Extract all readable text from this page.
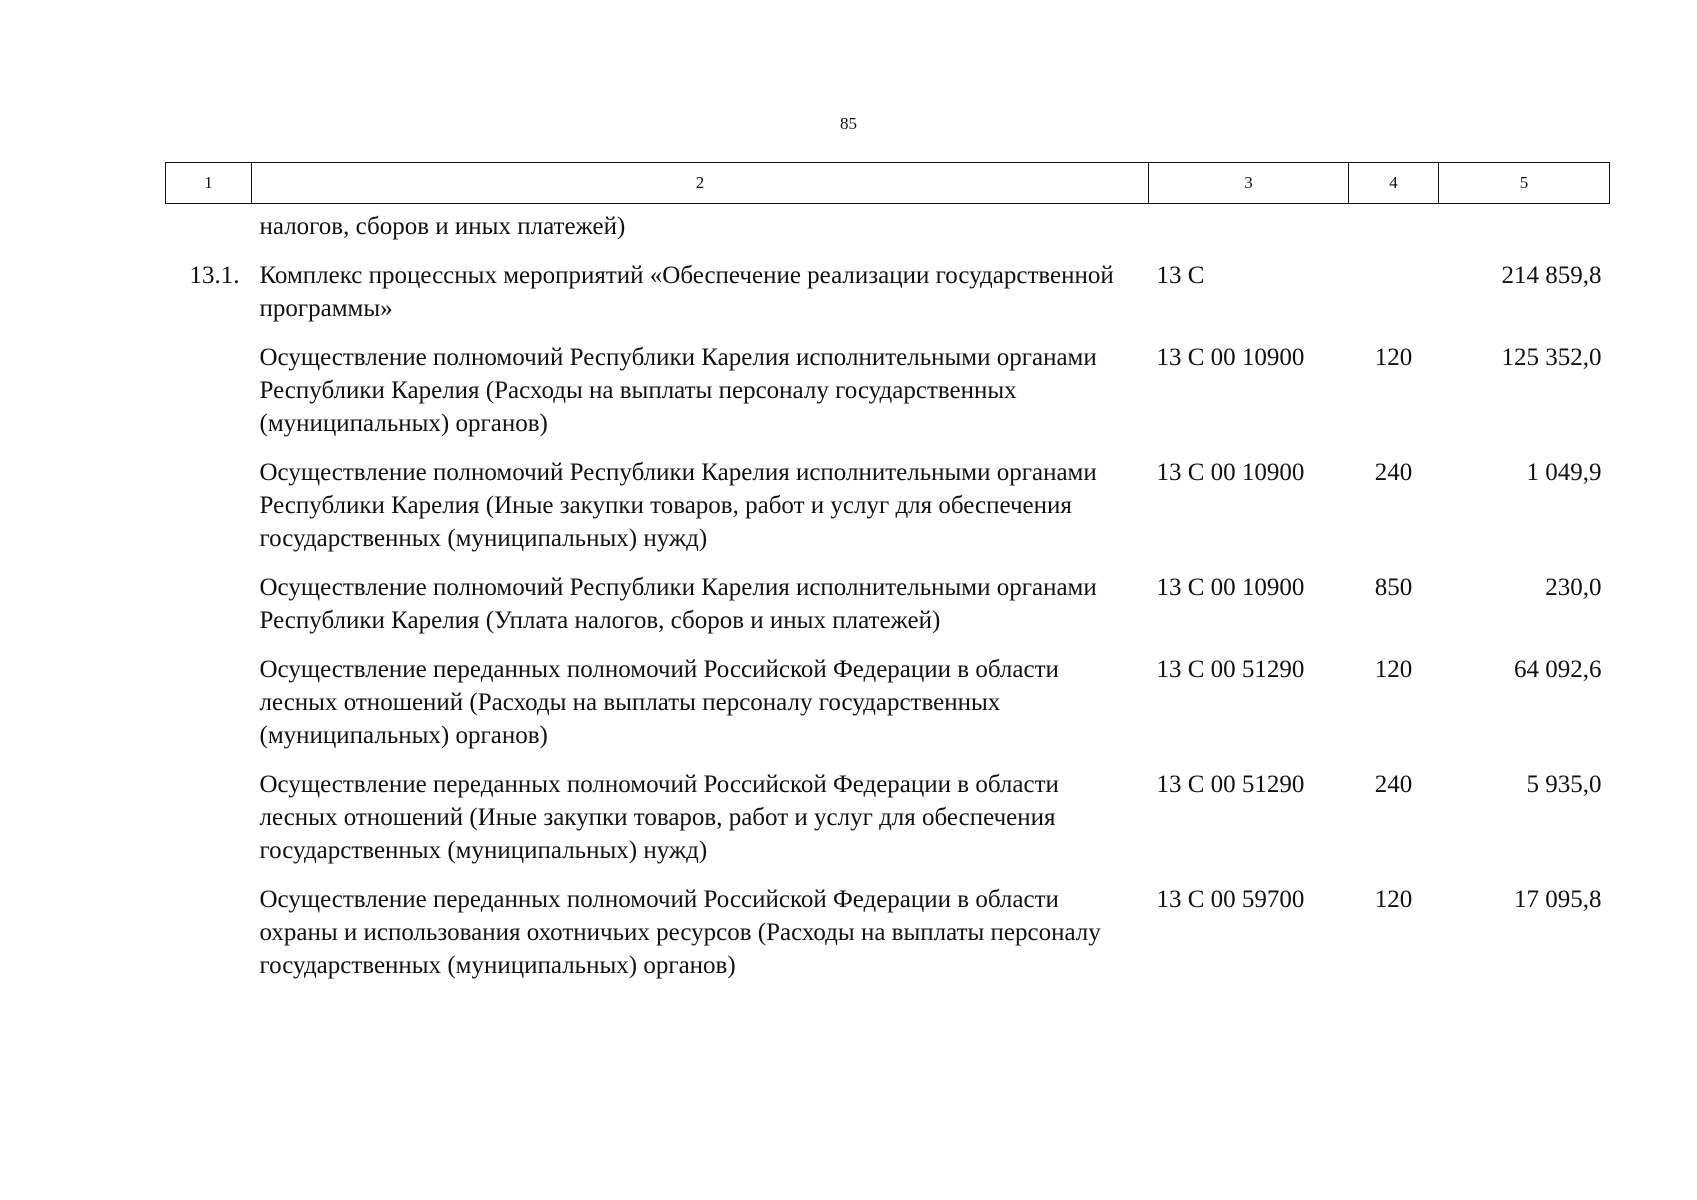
85
1	2	3	4	5
	налогов, сборов и иных платежей)			
13.1.	Комплекс процессных мероприятий «Обеспечение реализации государственной программы»	13 С		214 859,8
	Осуществление полномочий Республики Карелия исполнительными органами Республики Карелия (Расходы на выплаты персоналу государственных (муниципальных) органов)	13 С 00 10900	120	125 352,0
	Осуществление полномочий Республики Карелия исполнительными органами Республики Карелия (Иные закупки товаров, работ и услуг для обеспечения государственных (муниципальных) нужд)	13 С 00 10900	240	1 049,9
	Осуществление полномочий Республики Карелия исполнительными органами Республики Карелия (Уплата налогов, сборов и иных платежей)	13 С 00 10900	850	230,0
	Осуществление переданных полномочий Российской Федерации в области лесных отношений (Расходы на выплаты персоналу государственных (муниципальных) органов)	13 С 00 51290	120	64 092,6
	Осуществление переданных полномочий Российской Федерации в области лесных отношений (Иные закупки товаров, работ и услуг для обеспечения государственных (муниципальных) нужд)	13 С 00 51290	240	5 935,0
	Осуществление переданных полномочий Российской Федерации в области охраны и использования охотничьих ресурсов (Расходы на выплаты персоналу государственных (муниципальных) органов)	13 С 00 59700	120	17 095,8
